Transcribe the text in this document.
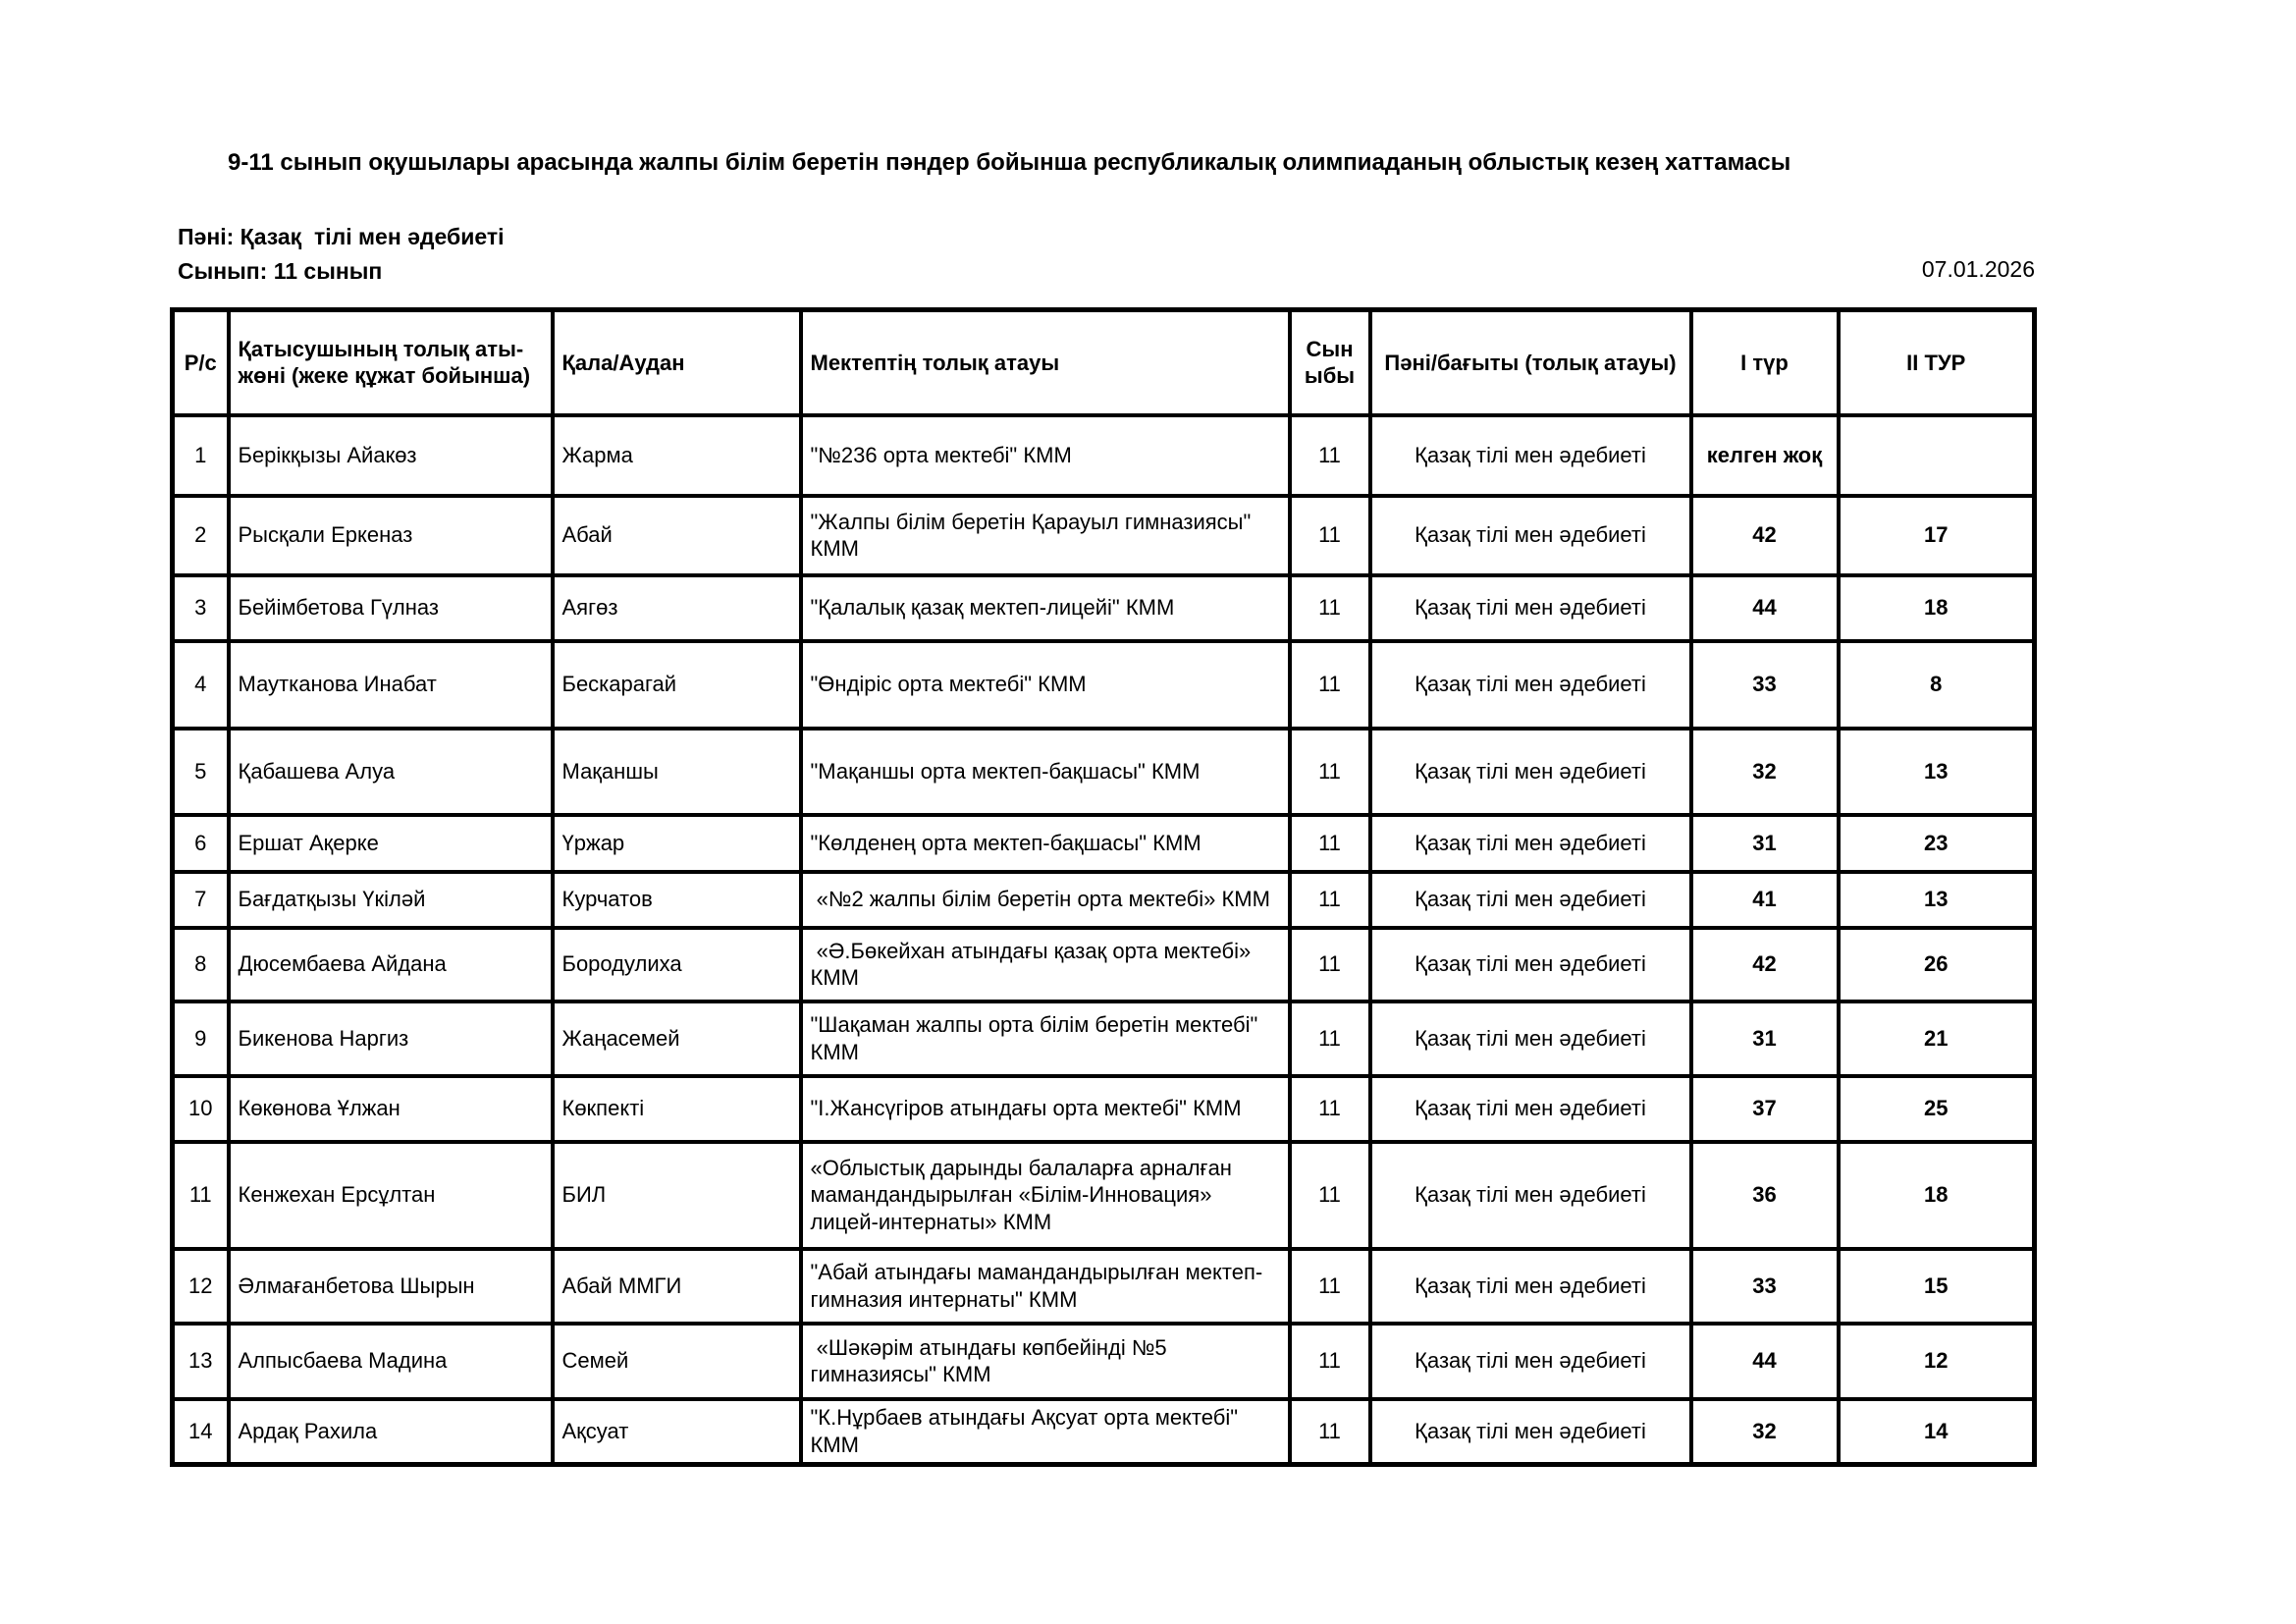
9-11 сынып оқушылары арасында жалпы білім беретін пәндер бойынша республикалық олимпиаданың облыстық кезең хаттамасы
Пәні: Қазақ  тілі мен әдебиеті
Сынып: 11 сынып	07.01.2026
Р/с	Қатысушының толық аты-жөні (жеке құжат бойынша)	Қала/Аудан	Мектептің толық атауы	Сыныбы	Пәні/бағыты (толық атауы)	І түр	ІІ ТУР
1	Берікқызы Айакөз	Жарма	"№236 орта мектебі" КММ	11	Қазақ тілі мен әдебиеті	келген жоқ	
2	Рысқали Еркеназ	Абай	"Жалпы білім беретін Қарауыл гимназиясы" КММ	11	Қазақ тілі мен әдебиеті	42	17
3	Бейімбетова Гүлназ	Аягөз	"Қалалық қазақ мектеп-лицейі" КММ	11	Қазақ тілі мен әдебиеті	44	18
4	Маутканова Инабат	Бескарагай	"Өндіріс орта мектебі" КММ	11	Қазақ тілі мен әдебиеті	33	8
5	Қабашева Алуа	Мақаншы	"Мақаншы орта мектеп-бақшасы" КММ	11	Қазақ тілі мен әдебиеті	32	13
6	Ершат Ақерке	Үржар	"Көлденең орта мектеп-бақшасы" КММ	11	Қазақ тілі мен әдебиеті	31	23
7	Бағдатқызы Үкіләй	Курчатов	«№2 жалпы білім беретін орта мектебі» КММ	11	Қазақ тілі мен әдебиеті	41	13
8	Дюсембаева Айдана	Бородулиха	«Ә.Бөкейхан атындағы қазақ орта мектебі» КММ	11	Қазақ тілі мен әдебиеті	42	26
9	Бикенова Наргиз	Жаңасемей	"Шақаман жалпы орта білім беретін мектебі" КММ	11	Қазақ тілі мен әдебиеті	31	21
10	Көкөнова Ұлжан	Көкпекті	"І.Жансүгіров атындағы орта мектебі" КММ	11	Қазақ тілі мен әдебиеті	37	25
11	Кенжехан Ерсұлтан	БИЛ	«Облыстық дарынды балаларға арналған мамандандырылған «Білім-Инновация» лицей-интернаты» КММ	11	Қазақ тілі мен әдебиеті	36	18
12	Әлмағанбетова Шырын	Абай ММГИ	"Абай атындағы мамандандырылған мектеп-гимназия интернаты" КММ	11	Қазақ тілі мен әдебиеті	33	15
13	Алпысбаева Мадина	Семей	«Шәкәрім атындағы көпбейінді №5 гимназиясы" КММ	11	Қазақ тілі мен әдебиеті	44	12
14	Ардақ Рахила	Ақсуат	"К.Нұрбаев атындағы Ақсуат орта мектебі" КММ	11	Қазақ тілі мен әдебиеті	32	14
